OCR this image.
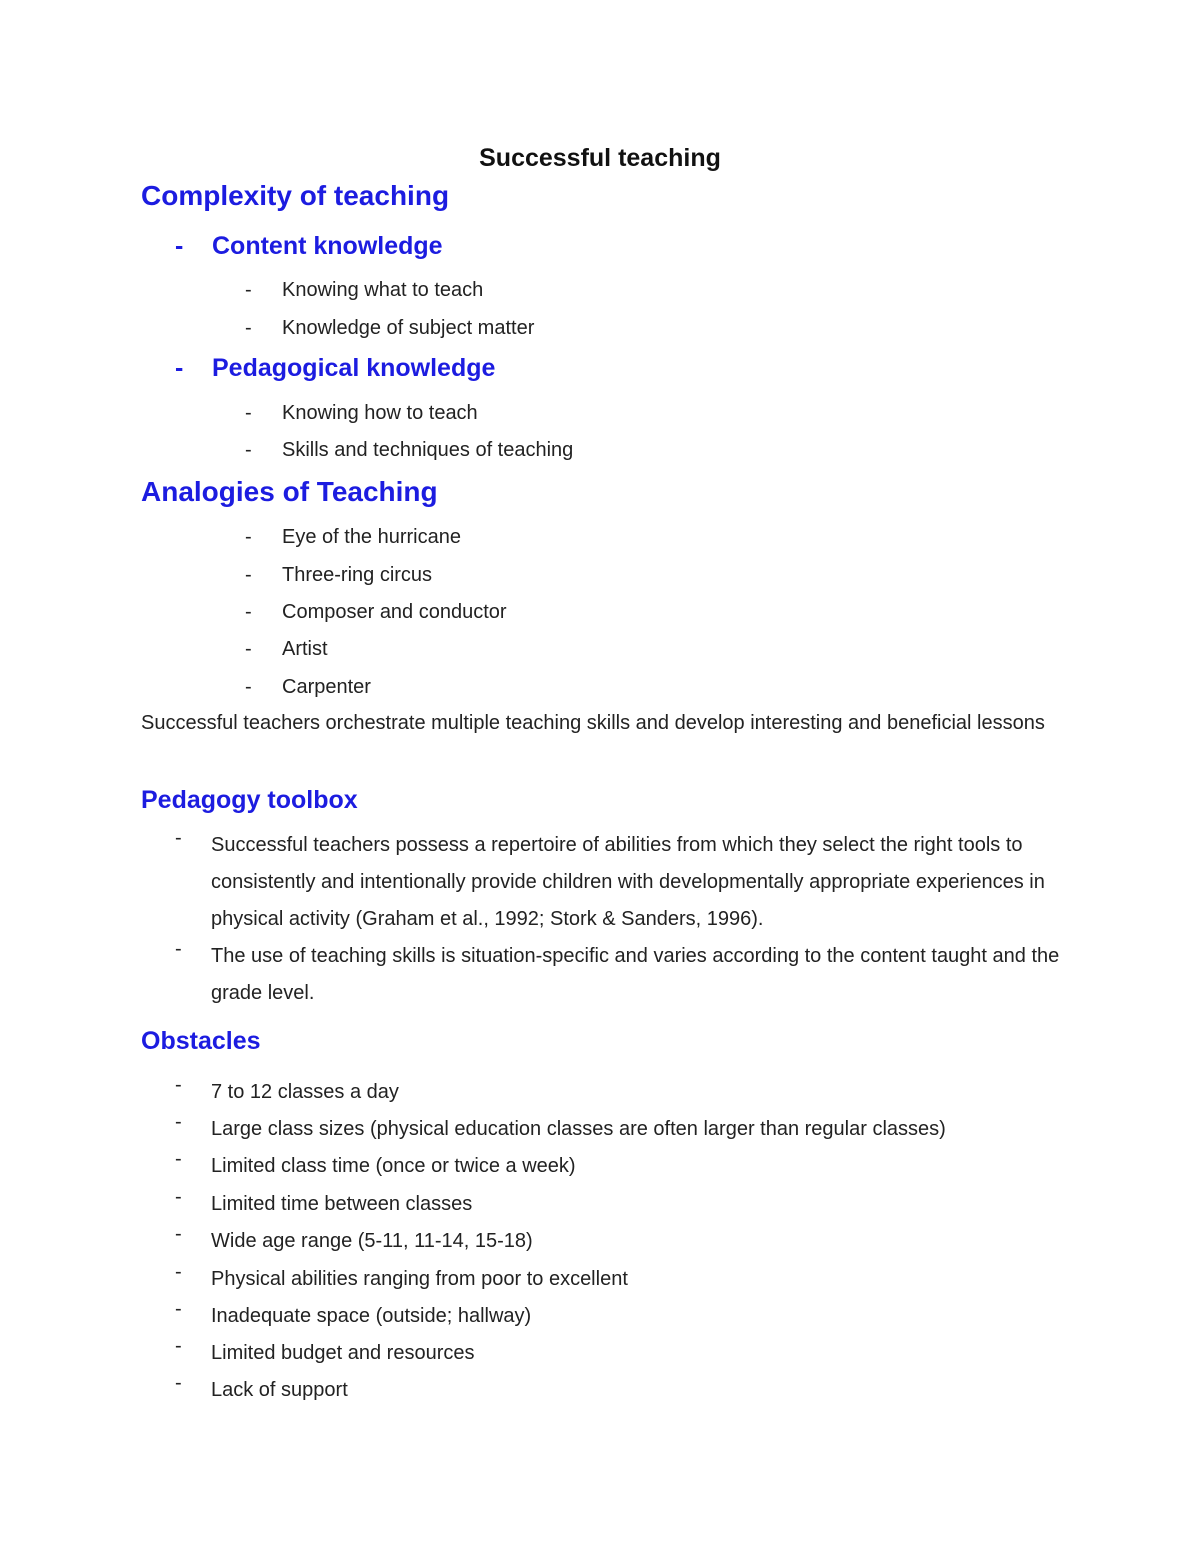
Successful teaching
Complexity of teaching
- Content knowledge
- Knowing what to teach
- Knowledge of subject matter
- Pedagogical knowledge
- Knowing how to teach
- Skills and techniques of teaching
Analogies of Teaching
- Eye of the hurricane
- Three-ring circus
- Composer and conductor
- Artist
- Carpenter

Successful teachers orchestrate multiple teaching skills and develop interesting and beneficial lessons

Pedagogy toolbox
- Successful teachers possess a repertoire of abilities from which they select the right tools to consistently and intentionally provide children with developmentally appropriate experiences in physical activity (Graham et al., 1992; Stork & Sanders, 1996).
- The use of teaching skills is situation-specific and varies according to the content taught and the grade level.
Obstacles
- 7 to 12 classes a day
- Large class sizes (physical education classes are often larger than regular classes)
- Limited class time (once or twice a week)
- Limited time between classes
- Wide age range (5-11, 11-14, 15-18)
- Physical abilities ranging from poor to excellent
- Inadequate space (outside; hallway)
- Limited budget and resources
- Lack of support
